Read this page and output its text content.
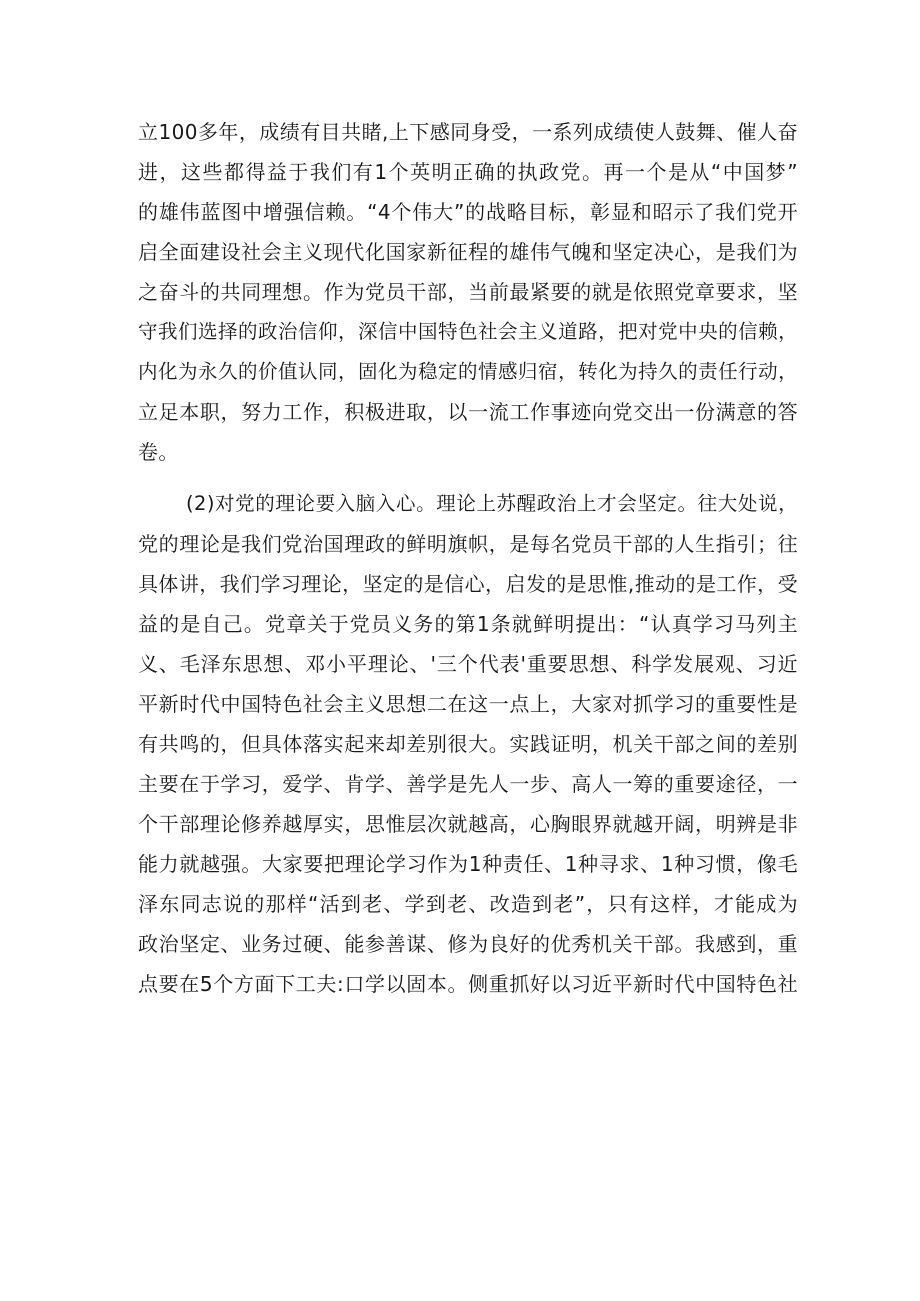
立100多年，成绩有目共睹,上下感同身受，一系列成绩使人鼓舞、催人奋
进，这些都得益于我们有1个英明正确的执政党。再一个是从“中国梦”
的雄伟蓝图中增强信赖。“4个伟大”的战略目标，彰显和昭示了我们党开
启全面建设社会主义现代化国家新征程的雄伟气魄和坚定决心，是我们为
之奋斗的共同理想。作为党员干部，当前最紧要的就是依照党章要求，坚
守我们选择的政治信仰，深信中国特色社会主义道路，把对党中央的信赖，
内化为永久的价值认同，固化为稳定的情感归宿，转化为持久的责任行动，
立足本职，努力工作，积极进取，以一流工作事迹向党交出一份满意的答
卷。
(2)对党的理论要入脑入心。理论上苏醒政治上才会坚定。往大处说，
党的理论是我们党治国理政的鲜明旗帜，是每名党员干部的人生指引；往
具体讲，我们学习理论，坚定的是信心，启发的是思惟,推动的是工作，受
益的是自己。党章关于党员义务的第1条就鲜明提出：“认真学习马列主
义、毛泽东思想、邓小平理论、'三个代表'重要思想、科学发展观、习近
平新时代中国特色社会主义思想二在这一点上，大家对抓学习的重要性是
有共鸣的，但具体落实起来却差别很大。实践证明，机关干部之间的差别
主要在于学习，爱学、肯学、善学是先人一步、高人一筹的重要途径，一
个干部理论修养越厚实，思惟层次就越高，心胸眼界就越开阔，明辨是非
能力就越强。大家要把理论学习作为1种责任、1种寻求、1种习惯，像毛
泽东同志说的那样“活到老、学到老、改造到老”，只有这样，才能成为
政治坚定、业务过硬、能参善谋、修为良好的优秀机关干部。我感到，重
点要在5个方面下工夫:口学以固本。侧重抓好以习近平新时代中国特色社
